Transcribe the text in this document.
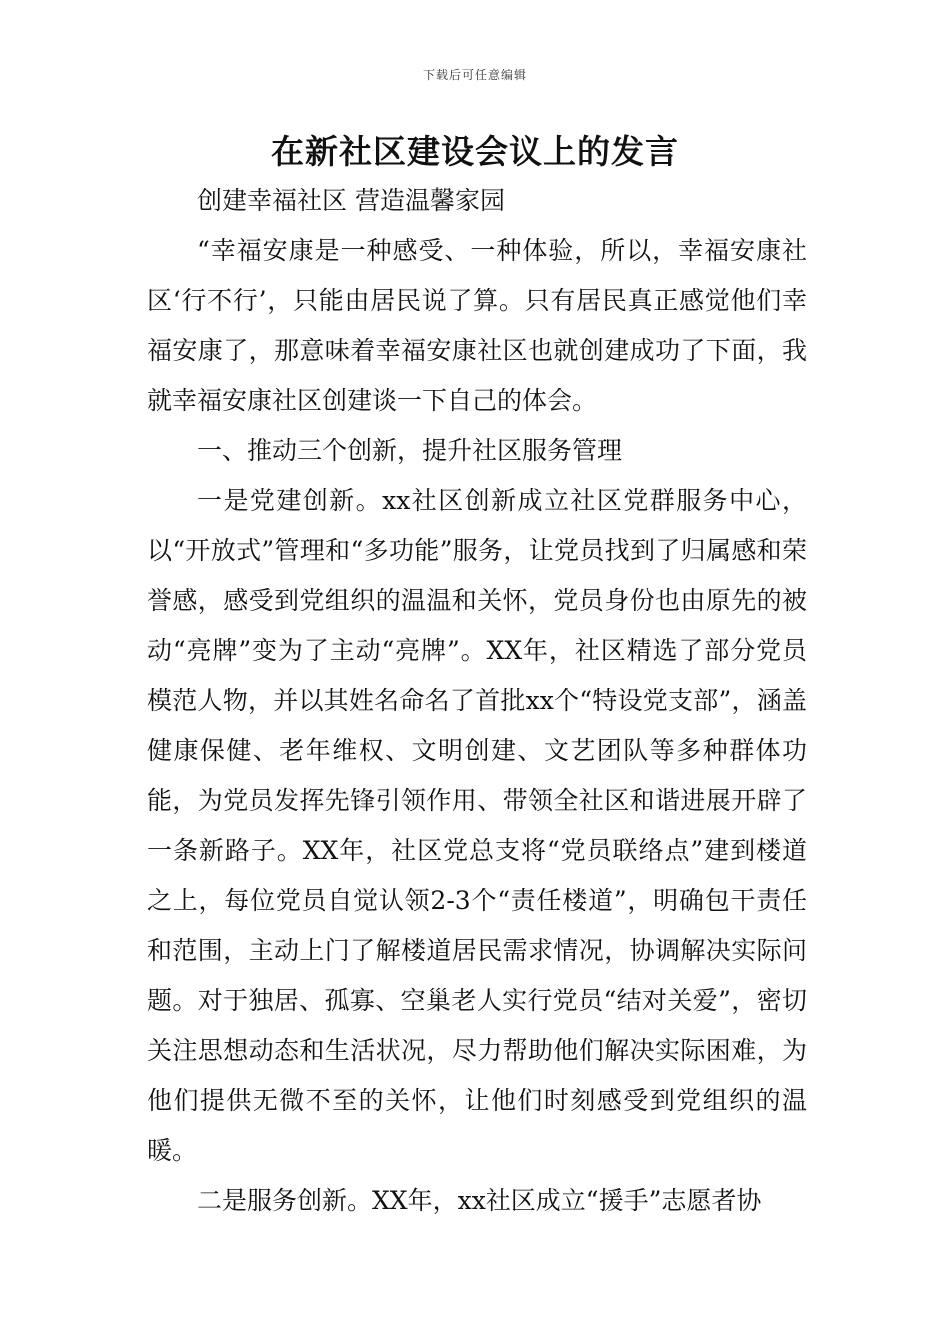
下载后可任意编辑
在新社区建设会议上的发言

创建幸福社区 营造温馨家园

“幸福安康是一种感受、一种体验，所以，幸福安康社区‘行不行’，只能由居民说了算。只有居民真正感觉他们幸福安康了，那意味着幸福安康社区也就创建成功了下面，我就幸福安康社区创建谈一下自己的体会。

一、推动三个创新，提升社区服务管理

一是党建创新。xx社区创新成立社区党群服务中心，以“开放式”管理和“多功能”服务，让党员找到了归属感和荣誉感，感受到党组织的温温和关怀，党员身份也由原先的被动“亮牌”变为了主动“亮牌”。XX年，社区精选了部分党员模范人物，并以其姓名命名了首批xx个“特设党支部”，涵盖健康保健、老年维权、文明创建、文艺团队等多种群体功能，为党员发挥先锋引领作用、带领全社区和谐进展开辟了一条新路子。XX年，社区党总支将“党员联络点”建到楼道之上，每位党员自觉认领2-3个“责任楼道”，明确包干责任和范围，主动上门了解楼道居民需求情况，协调解决实际问题。对于独居、孤寡、空巢老人实行党员“结对关爱”，密切关注思想动态和生活状况，尽力帮助他们解决实际困难，为他们提供无微不至的关怀，让他们时刻感受到党组织的温暖。

二是服务创新。XX年，xx社区成立“援手”志愿者协
